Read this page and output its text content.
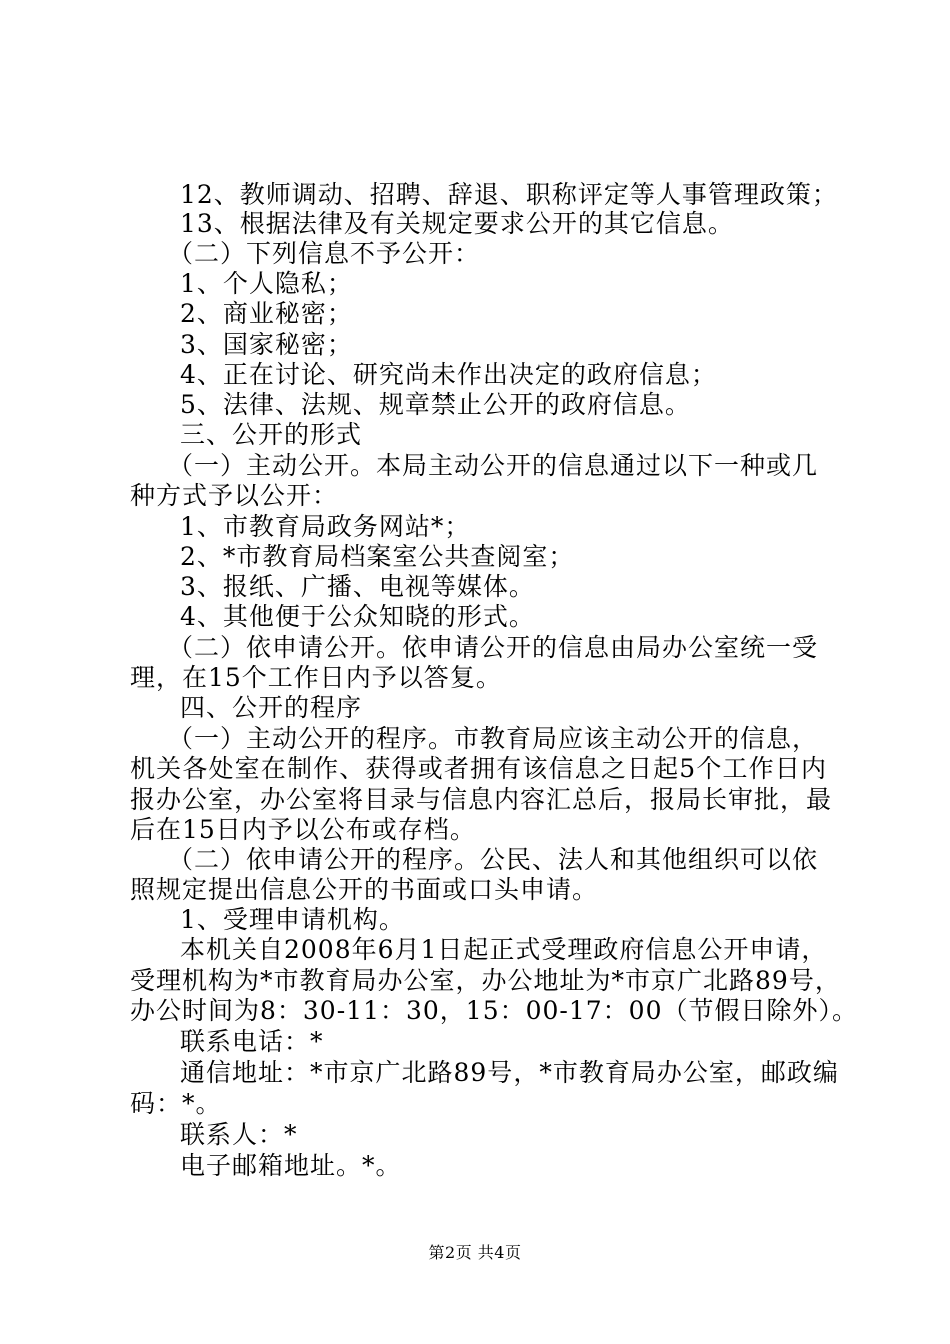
12、教师调动、招聘、辞退、职称评定等人事管理政策；
13、根据法律及有关规定要求公开的其它信息。
（二）下列信息不予公开：
1、个人隐私；
2、商业秘密；
3、国家秘密；
4、正在讨论、研究尚未作出决定的政府信息；
5、法律、法规、规章禁止公开的政府信息。
三、公开的形式
（一）主动公开。本局主动公开的信息通过以下一种或几
种方式予以公开：
1、市教育局政务网站*；
2、*市教育局档案室公共查阅室；
3、报纸、广播、电视等媒体。
4、其他便于公众知晓的形式。
（二）依申请公开。依申请公开的信息由局办公室统一受
理，在15个工作日内予以答复。
四、公开的程序
（一）主动公开的程序。市教育局应该主动公开的信息，
机关各处室在制作、获得或者拥有该信息之日起5个工作日内
报办公室，办公室将目录与信息内容汇总后，报局长审批，最
后在15日内予以公布或存档。
（二）依申请公开的程序。公民、法人和其他组织可以依
照规定提出信息公开的书面或口头申请。
1、受理申请机构。
本机关自2008年6月1日起正式受理政府信息公开申请，
受理机构为*市教育局办公室，办公地址为*市京广北路89号，
办公时间为8：30-11：30，15：00-17：00（节假日除外）。
联系电话：*
通信地址：*市京广北路89号，*市教育局办公室，邮政编
码：*。
联系人：*
电子邮箱地址。*。
第2页 共4页
